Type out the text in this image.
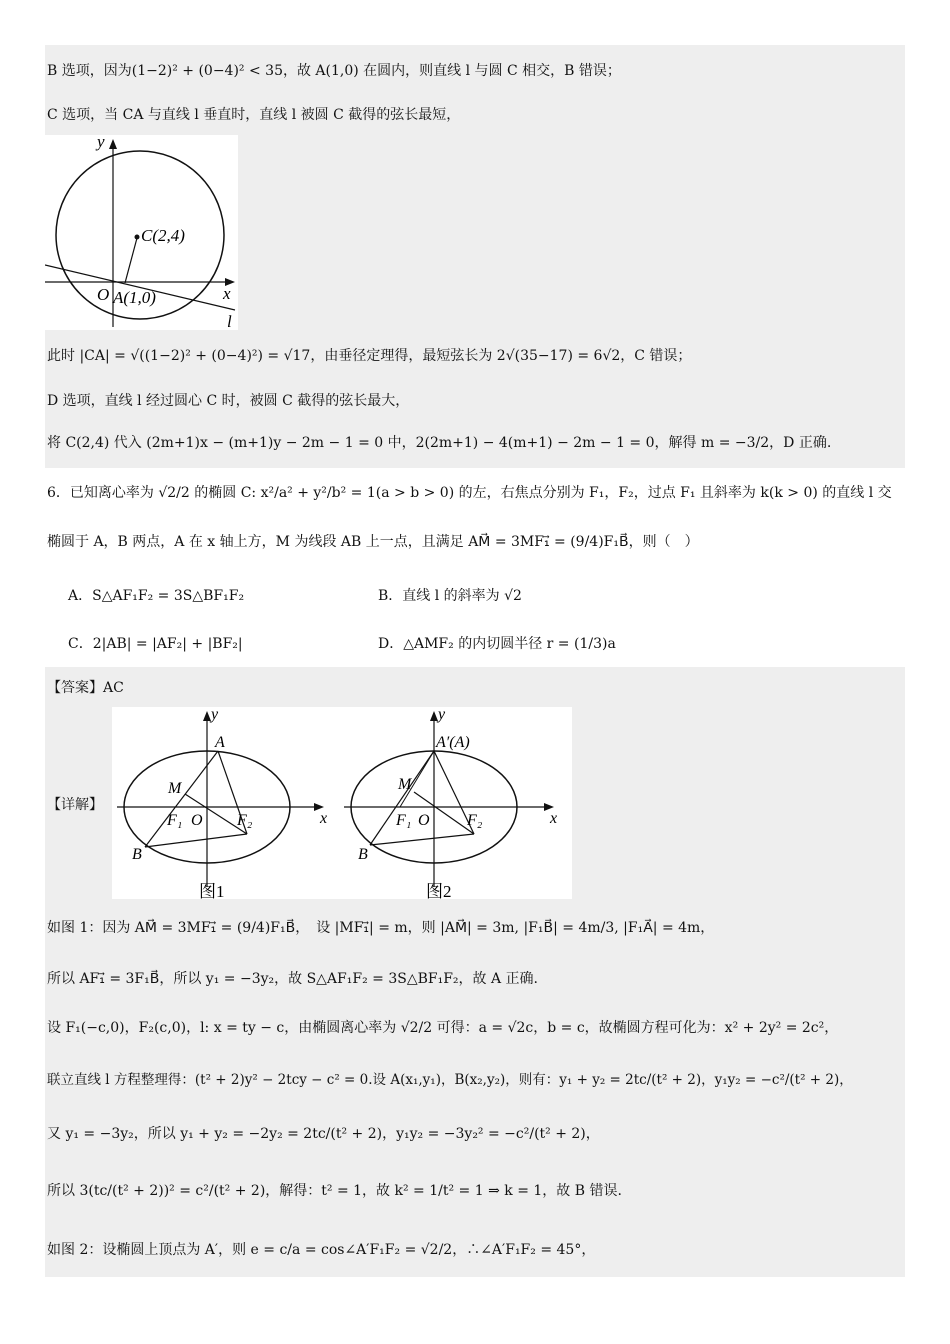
B 选项，因为(1−2)² + (0−4)² < 35，故 A(1,0) 在圆内，则直线 l 与圆 C 相交，B 错误；
C 选项，当 CA 与直线 l 垂直时，直线 l 被圆 C 截得的弦长最短，
y
x
O
C(2,4)
A(1,0)
l
此时 |CA| = √((1−2)² + (0−4)²) = √17，由垂径定理得，最短弦长为 2√(35−17) = 6√2，C 错误；
D 选项，直线 l 经过圆心 C 时，被圆 C 截得的弦长最大，
将 C(2,4) 代入 (2m+1)x − (m+1)y − 2m − 1 = 0 中，2(2m+1) − 4(m+1) − 2m − 1 = 0，解得 m = −3/2，D 正确.
6．已知离心率为 √2/2 的椭圆 C: x²/a² + y²/b² = 1(a > b > 0) 的左，右焦点分别为 F₁，F₂，过点 F₁ 且斜率为 k(k > 0) 的直线 l 交
椭圆于 A，B 两点，A 在 x 轴上方，M 为线段 AB 上一点，且满足 AM⃗ = 3MF₁⃗ = (9/4)F₁B⃗，则（　）
A．S△AF₁F₂ = 3S△BF₁F₂	B．直线 l 的斜率为 √2
C．2|AB| = |AF₂| + |BF₂|	D．△AMF₂ 的内切圆半径 r = (1/3)a
【答案】AC
【详解】
A
M
F₁ O F₂
B
y
x
图1
A′(A)
M
F₁ O F₂
B
y
x
图2
如图 1：因为 AM⃗ = 3MF₁⃗ = (9/4)F₁B⃗，　设 |MF₁⃗| = m，则 |AM⃗| = 3m, |F₁B⃗| = 4m/3, |F₁A⃗| = 4m，
所以 AF₁⃗ = 3F₁B⃗，所以 y₁ = −3y₂，故 S△AF₁F₂ = 3S△BF₁F₂，故 A 正确.
设 F₁(−c,0)，F₂(c,0)，l: x = ty − c，由椭圆离心率为 √2/2 可得：a = √2c，b = c，故椭圆方程可化为：x² + 2y² = 2c²，
联立直线 l 方程整理得：(t² + 2)y² − 2tcy − c² = 0.设 A(x₁,y₁)，B(x₂,y₂)，则有：y₁ + y₂ = 2tc/(t² + 2)，y₁y₂ = −c²/(t² + 2)，
又 y₁ = −3y₂，所以 y₁ + y₂ = −2y₂ = 2tc/(t² + 2)，y₁y₂ = −3y₂² = −c²/(t² + 2)，
所以 3(tc/(t² + 2))² = c²/(t² + 2)，解得：t² = 1，故 k² = 1/t² = 1 ⇒ k = 1，故 B 错误.
如图 2：设椭圆上顶点为 A′，则 e = c/a = cos∠A′F₁F₂ = √2/2，∴∠A′F₁F₂ = 45°，
